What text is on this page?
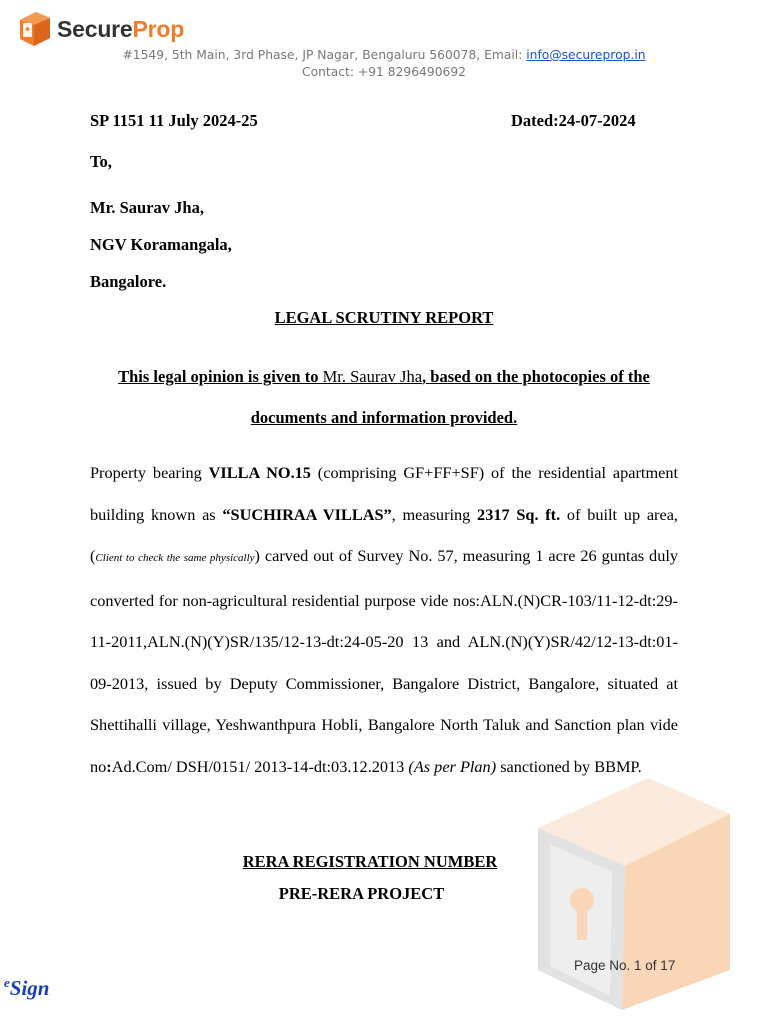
SecureProp
#1549, 5th Main, 3rd Phase, JP Nagar, Bengaluru 560078, Email: info@secureprop.in
Contact: +91 8296490692
SP 1151 11 July 2024-25	Dated:24-07-2024
To,
Mr. Saurav Jha,
NGV Koramangala,
Bangalore.
LEGAL SCRUTINY REPORT
This legal opinion is given to Mr. Saurav Jha, based on the photocopies of the documents and information provided.
Property bearing VILLA NO.15 (comprising GF+FF+SF) of the residential apartment building known as “SUCHIRAA VILLAS”, measuring 2317 Sq. ft. of built up area,(Client to check the same physically) carved out of Survey No. 57, measuring 1 acre 26 guntas duly converted for non-agricultural residential purpose vide nos:ALN.(N)CR-103/11-12-dt:29-11-2011,ALN.(N)(Y)SR/135/12-13-dt:24-05-20 13 and ALN.(N)(Y)SR/42/12-13-dt:01-09-2013, issued by Deputy Commissioner, Bangalore District, Bangalore, situated at Shettihalli village, Yeshwanthpura Hobli, Bangalore North Taluk and Sanction plan vide no:Ad.Com/ DSH/0151/ 2013-14-dt:03.12.2013 (As per Plan) sanctioned by BBMP.
RERA REGISTRATION NUMBER
PRE-RERA PROJECT
Page No. 1 of 17
$^e$Sign
